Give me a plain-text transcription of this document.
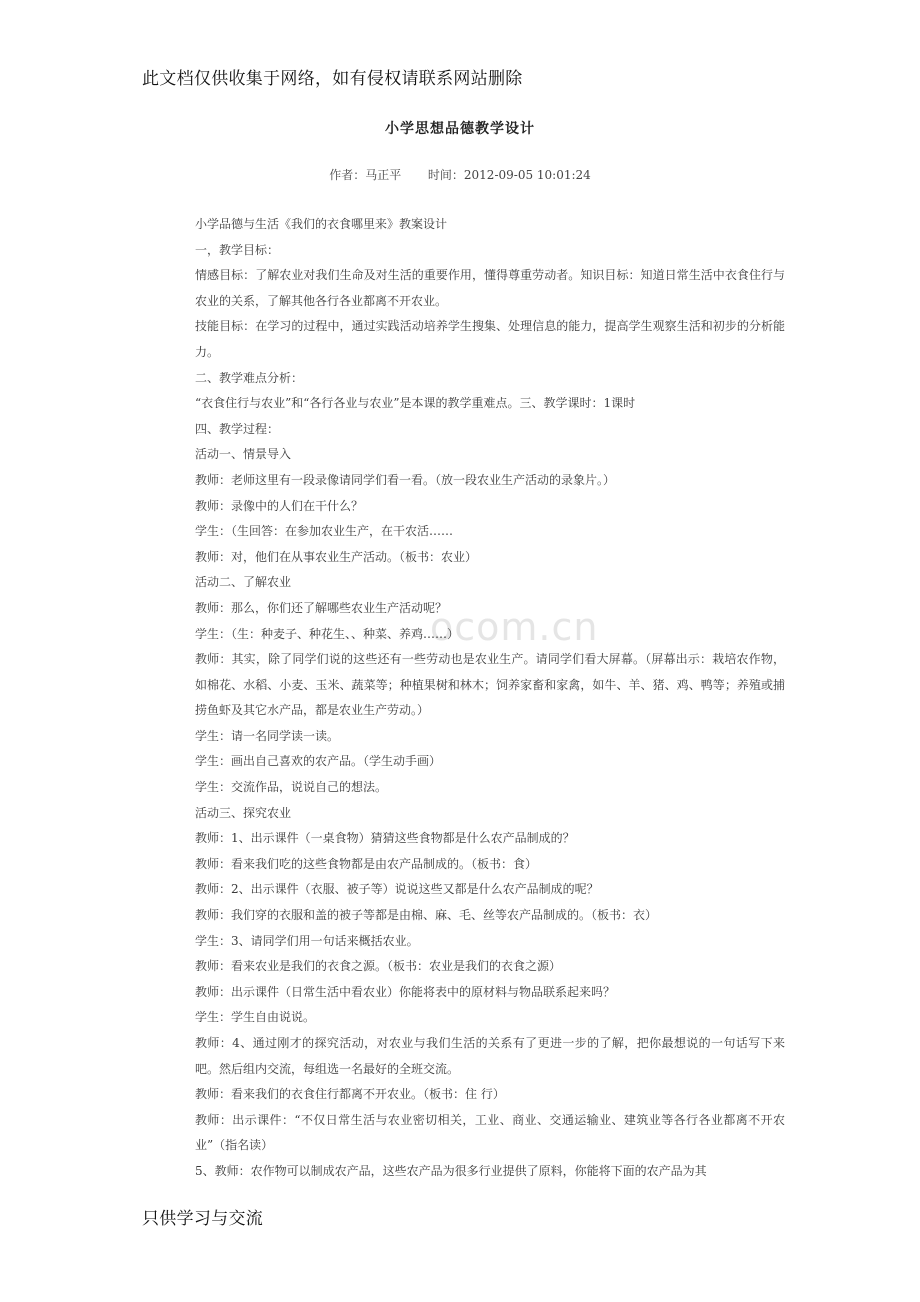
此文档仅供收集于网络，如有侵权请联系网站删除
小学思想品德教学设计
作者：马正平 时间：2012-09-05 10:01:24
ocom.cn

小学品德与生活《我们的衣食哪里来》教案设计

一，教学目标：

情感目标：了解农业对我们生命及对生活的重要作用，懂得尊重劳动者。知识目标：知道日常生活中衣食住行与农业的关系，了解其他各行各业都离不开农业。

技能目标：在学习的过程中，通过实践活动培养学生搜集、处理信息的能力，提高学生观察生活和初步的分析能力。

二、教学难点分析：

“衣食住行与农业”和“各行各业与农业”是本课的教学重难点。三、教学课时：1课时

四、教学过程：

活动一、情景导入

教师：老师这里有一段录像请同学们看一看。（放一段农业生产活动的录象片。）

教师：录像中的人们在干什么？

学生：（生回答：在参加农业生产，在干农活……

教师：对，他们在从事农业生产活动。（板书：农业）

活动二、了解农业

教师：那么，你们还了解哪些农业生产活动呢？

学生：（生：种麦子、种花生、、种菜、养鸡……）

教师：其实，除了同学们说的这些还有一些劳动也是农业生产。请同学们看大屏幕。（屏幕出示：栽培农作物，如棉花、水稻、小麦、玉米、蔬菜等；种植果树和林木；饲养家畜和家禽，如牛、羊、猪、鸡、鸭等；养殖或捕捞鱼虾及其它水产品，都是农业生产劳动。）

学生：请一名同学读一读。

学生：画出自己喜欢的农产品。（学生动手画）

学生：交流作品，说说自己的想法。

活动三、探究农业

教师：1、出示课件（一桌食物）猜猜这些食物都是什么农产品制成的？

教师：看来我们吃的这些食物都是由农产品制成的。（板书：食）

教师：2、出示课件（衣服、被子等）说说这些又都是什么农产品制成的呢？

教师：我们穿的衣服和盖的被子等都是由棉、麻、毛、丝等农产品制成的。（板书：衣）

学生：3、请同学们用一句话来概括农业。

教师：看来农业是我们的衣食之源。（板书：农业是我们的衣食之源）

教师：出示课件（日常生活中看农业）你能将表中的原材料与物品联系起来吗？

学生：学生自由说说。

教师：4、通过刚才的探究活动，对农业与我们生活的关系有了更进一步的了解，把你最想说的一句话写下来吧。然后组内交流，每组选一名最好的全班交流。

教师：看来我们的衣食住行都离不开农业。（板书：住 行）

教师：出示课件：“不仅日常生活与农业密切相关，工业、商业、交通运输业、建筑业等各行各业都离不开农业”（指名读）

5、教师：农作物可以制成农产品，这些农产品为很多行业提供了原料，你能将下面的农产品为其

只供学习与交流
